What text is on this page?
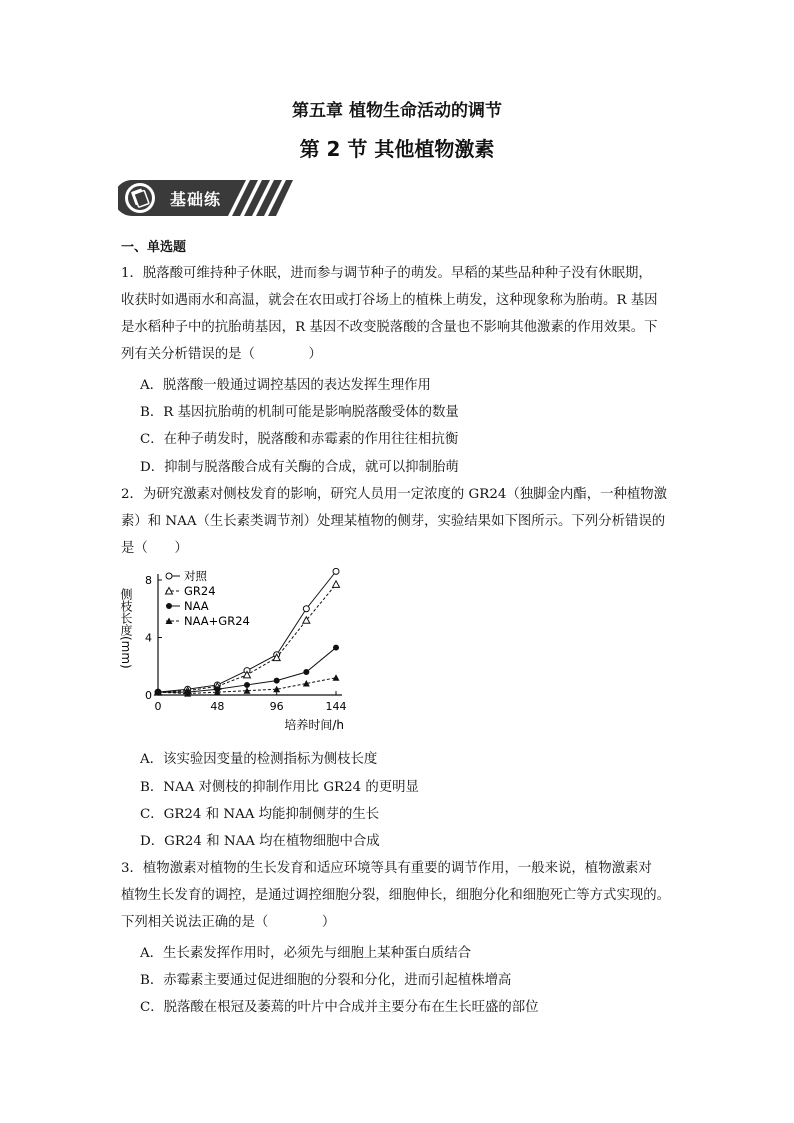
第五章 植物生命活动的调节
第 2 节 其他植物激素
基础练
一、单选题
1．脱落酸可维持种子休眠，进而参与调节种子的萌发。早稻的某些品种种子没有休眠期，
收获时如遇雨水和高温，就会在农田或打谷场上的植株上萌发，这种现象称为胎萌。R 基因
是水稻种子中的抗胎萌基因，R 基因不改变脱落酸的含量也不影响其他激素的作用效果。下
列有关分析错误的是（　　　　）
A．脱落酸一般通过调控基因的表达发挥生理作用
B．R 基因抗胎萌的机制可能是影响脱落酸受体的数量
C．在种子萌发时，脱落酸和赤霉素的作用往往相抗衡
D．抑制与脱落酸合成有关酶的合成，就可以抑制胎萌
2．为研究激素对侧枝发育的影响，研究人员用一定浓度的 GR24（独脚金内酯，一种植物激
素）和 NAA（生长素类调节剂）处理某植物的侧芽，实验结果如下图所示。下列分析错误的
是（　　）
0	48	96	144
0
4
8
培养时间/h
侧枝长度(mm)
对照
GR24
NAA
NAA+GR24
A．该实验因变量的检测指标为侧枝长度
B．NAA 对侧枝的抑制作用比 GR24 的更明显
C．GR24 和 NAA 均能抑制侧芽的生长
D．GR24 和 NAA 均在植物细胞中合成
3．植物激素对植物的生长发育和适应环境等具有重要的调节作用，一般来说，植物激素对
植物生长发育的调控，是通过调控细胞分裂，细胞伸长，细胞分化和细胞死亡等方式实现的。
下列相关说法正确的是（　　　　）
A．生长素发挥作用时，必须先与细胞上某种蛋白质结合
B．赤霉素主要通过促进细胞的分裂和分化，进而引起植株增高
C．脱落酸在根冠及萎蔫的叶片中合成并主要分布在生长旺盛的部位
